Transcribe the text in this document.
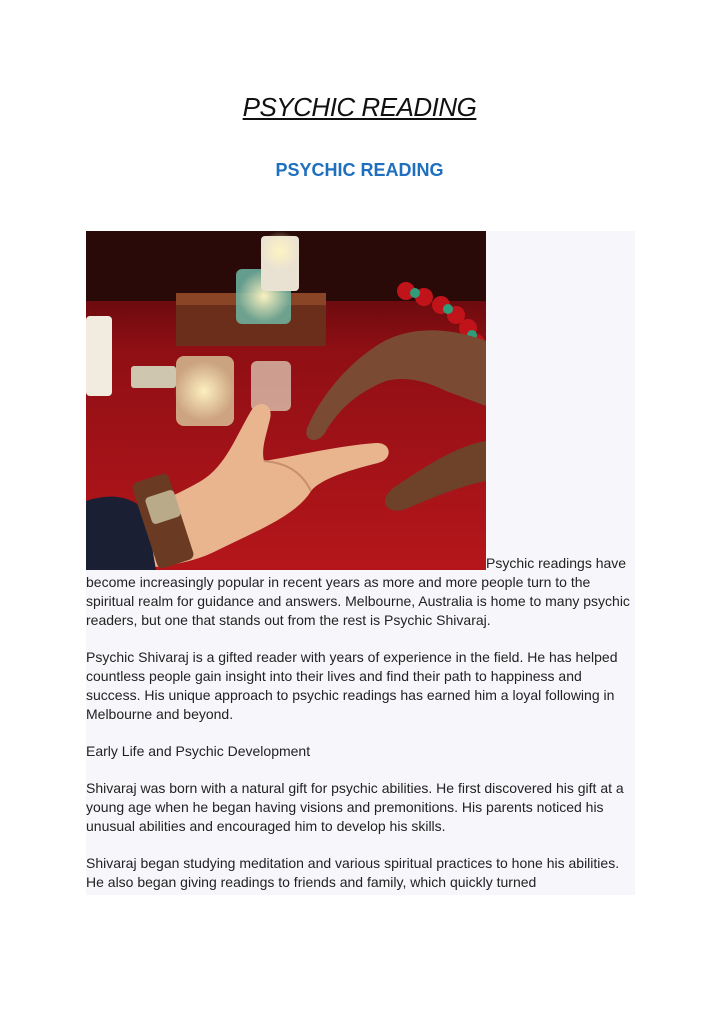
PSYCHIC READING
PSYCHIC READING

Psychic readings have become increasingly popular in recent years as more and more people turn to the spiritual realm for guidance and answers. Melbourne, Australia is home to many psychic readers, but one that stands out from the rest is Psychic Shivaraj.

Psychic Shivaraj is a gifted reader with years of experience in the field. He has helped countless people gain insight into their lives and find their path to happiness and success. His unique approach to psychic readings has earned him a loyal following in Melbourne and beyond.

Early Life and Psychic Development

Shivaraj was born with a natural gift for psychic abilities. He first discovered his gift at a young age when he began having visions and premonitions. His parents noticed his unusual abilities and encouraged him to develop his skills.

Shivaraj began studying meditation and various spiritual practices to hone his abilities. He also began giving readings to friends and family, which quickly turned
